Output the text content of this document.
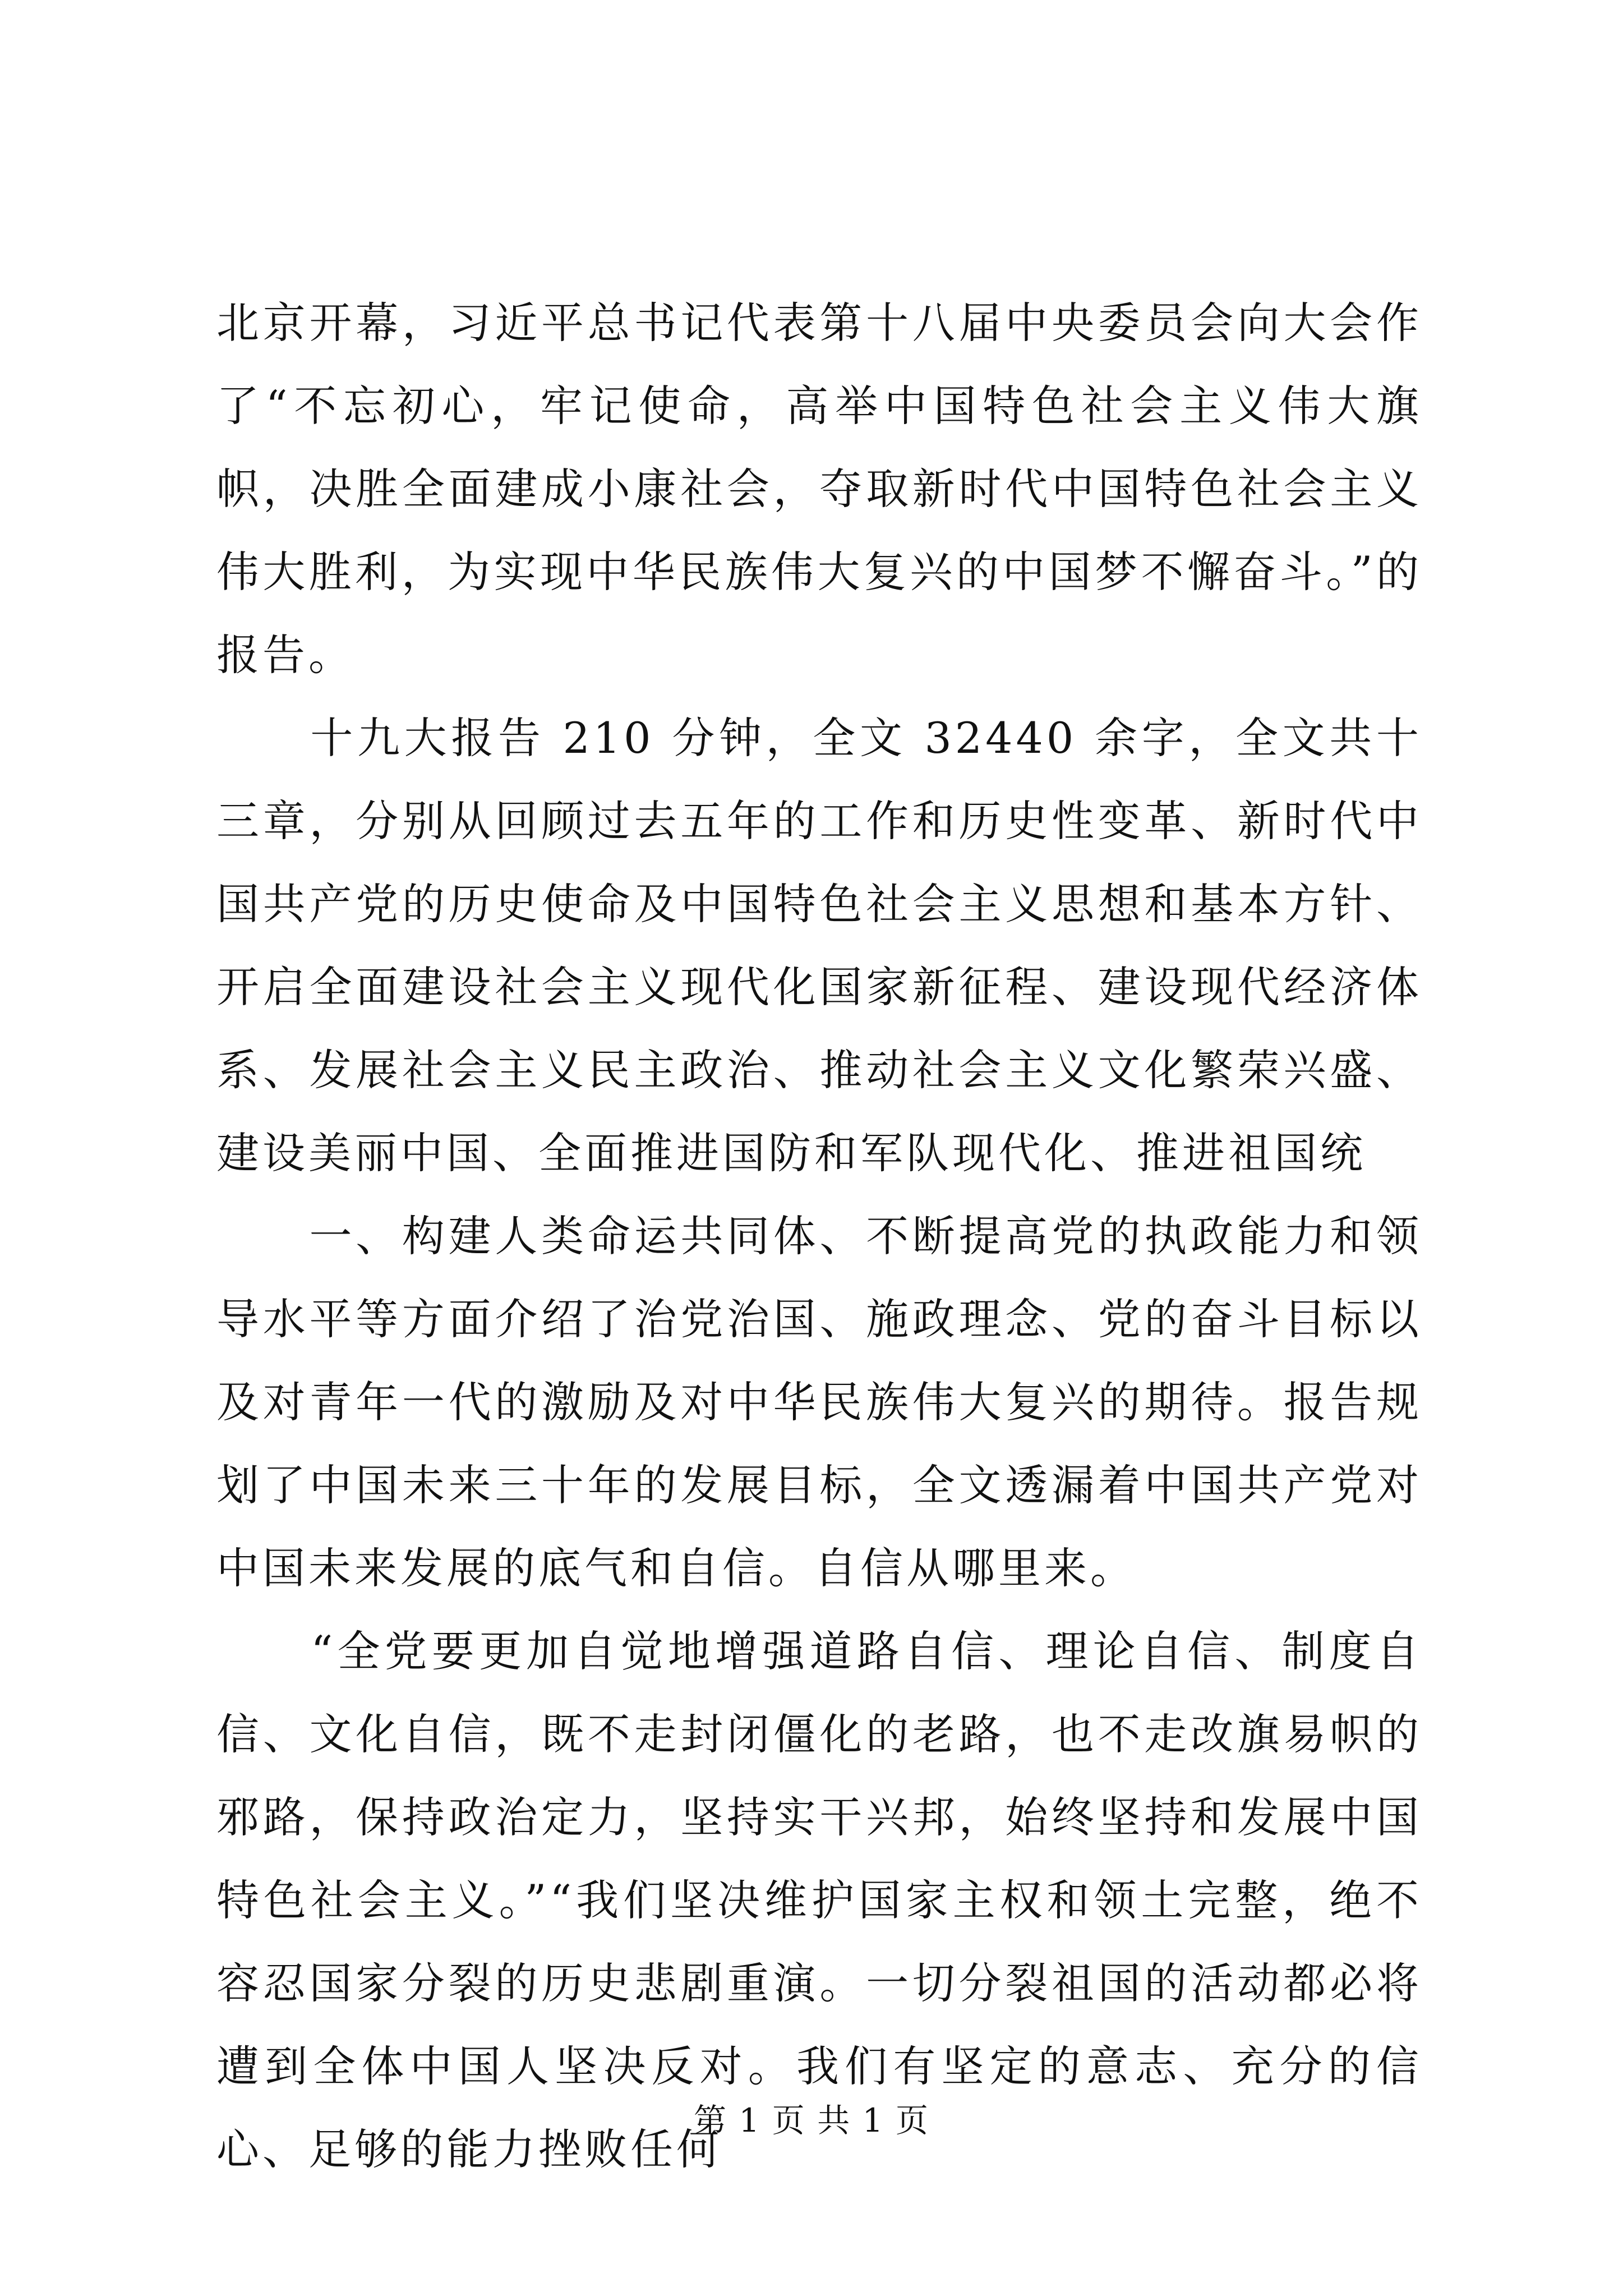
北京开幕，习近平总书记代表第十八届中央委员会向大会作了“不忘初心，牢记使命，高举中国特色社会主义伟大旗帜，决胜全面建成小康社会，夺取新时代中国特色社会主义伟大胜利，为实现中华民族伟大复兴的中国梦不懈奋斗。”的报告。

　　十九大报告 210 分钟，全文 32440 余字，全文共十三章，分别从回顾过去五年的工作和历史性变革、新时代中国共产党的历史使命及中国特色社会主义思想和基本方针、开启全面建设社会主义现代化国家新征程、建设现代经济体系、发展社会主义民主政治、推动社会主义文化繁荣兴盛、建设美丽中国、全面推进国防和军队现代化、推进祖国统

　　一、构建人类命运共同体、不断提高党的执政能力和领导水平等方面介绍了治党治国、施政理念、党的奋斗目标以及对青年一代的激励及对中华民族伟大复兴的期待。报告规划了中国未来三十年的发展目标，全文透漏着中国共产党对中国未来发展的底气和自信。自信从哪里来。

　　“全党要更加自觉地增强道路自信、理论自信、制度自信、文化自信，既不走封闭僵化的老路，也不走改旗易帜的邪路，保持政治定力，坚持实干兴邦，始终坚持和发展中国特色社会主义。”“我们坚决维护国家主权和领土完整，绝不容忍国家分裂的历史悲剧重演。一切分裂祖国的活动都必将遭到全体中国人坚决反对。我们有坚定的意志、充分的信心、足够的能力挫败任何

第 1 页 共 1 页
